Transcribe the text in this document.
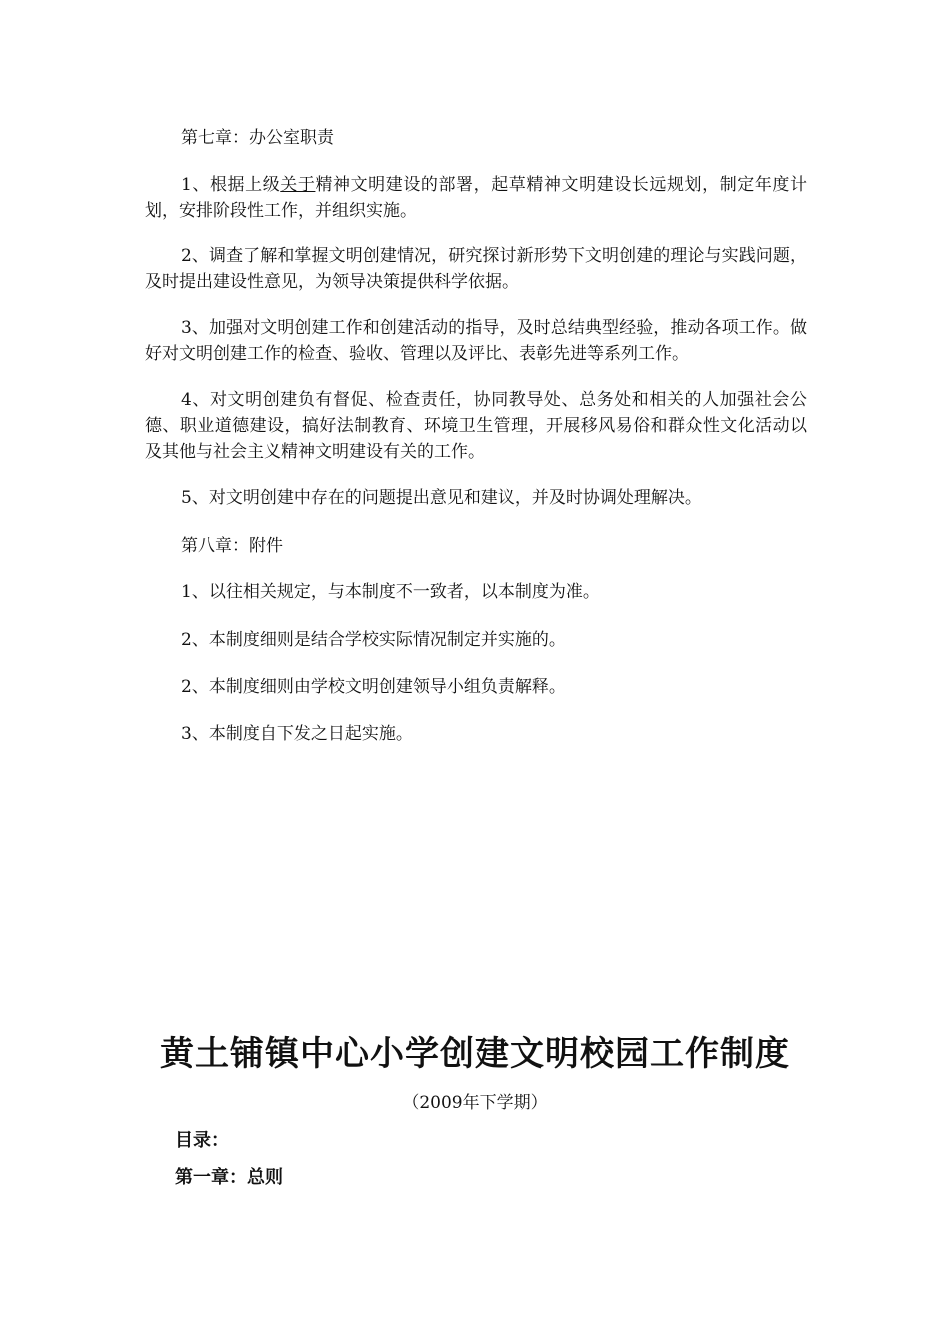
第七章：办公室职责

1、根据上级关于精神文明建设的部署，起草精神文明建设长远规划，制定年度计划，安排阶段性工作，并组织实施。

2、调查了解和掌握文明创建情况，研究探讨新形势下文明创建的理论与实践问题，及时提出建设性意见，为领导决策提供科学依据。

3、加强对文明创建工作和创建活动的指导，及时总结典型经验，推动各项工作。做好对文明创建工作的检查、验收、管理以及评比、表彰先进等系列工作。

4、对文明创建负有督促、检查责任，协同教导处、总务处和相关的人加强社会公德、职业道德建设，搞好法制教育、环境卫生管理，开展移风易俗和群众性文化活动以及其他与社会主义精神文明建设有关的工作。

5、对文明创建中存在的问题提出意见和建议，并及时协调处理解决。

第八章：附件

1、以往相关规定，与本制度不一致者，以本制度为准。

2、本制度细则是结合学校实际情况制定并实施的。

2、本制度细则由学校文明创建领导小组负责解释。

3、本制度自下发之日起实施。

黄土铺镇中心小学创建文明校园工作制度

（2009年下学期）

目录：

第一章：总则
